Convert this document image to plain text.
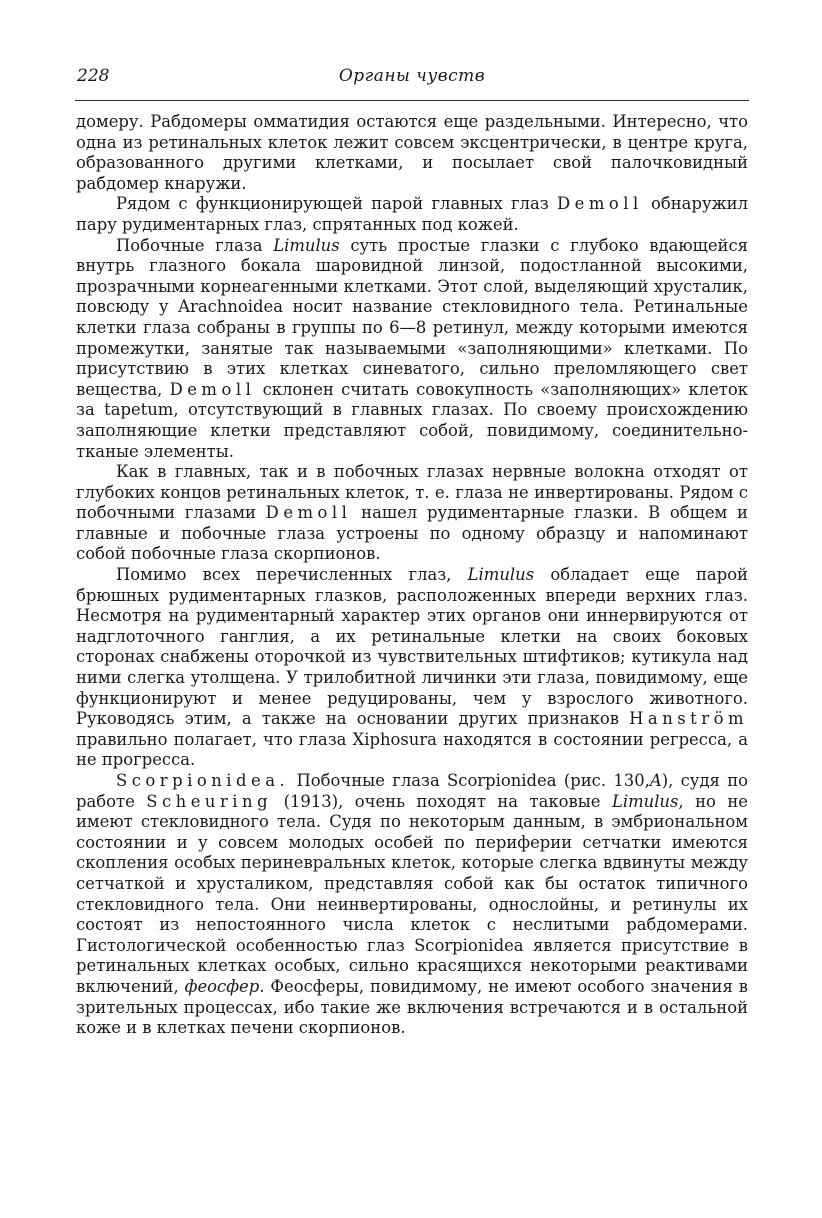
228	Органы чувств

домеру. Рабдомеры омматидия остаются еще раздельными. Интересно, что одна из ретинальных клеток лежит совсем эксцентрически, в центре круга, образованного другими клетками, и посылает свой палочковидный рабдомер кнаружи.

Рядом с функционирующей парой главных глаз Demoll обнаружил пару рудиментарных глаз, спрятанных под кожей.

Побочные глаза Limulus суть простые глазки с глубоко вдающейся внутрь глазного бокала шаровидной линзой, подостланной высокими, прозрачными корнеагенными клетками. Этот слой, выделяющий хрусталик, повсюду у Arachnoidea носит название стекловидного тела. Ретинальные клетки глаза собраны в группы по 6—8 ретинул, между которыми имеются промежутки, занятые так называемыми «заполняющими» клетками. По присутствию в этих клетках синеватого, сильно преломляющего свет вещества, Demoll склонен считать совокупность «заполняющих» клеток за tapetum, отсутствующий в главных глазах. По своему происхождению заполняющие клетки представляют собой, повидимому, соединительно-тканые элементы.

Как в главных, так и в побочных глазах нервные волокна отходят от глубоких концов ретинальных клеток, т. е. глаза не инвертированы. Рядом с побочными глазами Demoll нашел рудиментарные глазки. В общем и главные и побочные глаза устроены по одному образцу и напоминают собой побочные глаза скорпионов.

Помимо всех перечисленных глаз, Limulus обладает еще парой брюшных рудиментарных глазков, расположенных впереди верхних глаз. Несмотря на рудиментарный характер этих органов они иннервируются от надглоточного ганглия, а их ретинальные клетки на своих боковых сторонах снабжены оторочкой из чувствительных штифтиков; кутикула над ними слегка утолщена. У трилобитной личинки эти глаза, повидимому, еще функционируют и менее редуцированы, чем у взрослого животного. Руководясь этим, а также на основании других признаков Hanström правильно полагает, что глаза Xiphosura находятся в состоянии регресса, а не прогресса.

Scorpionidea. Побочные глаза Scorpionidea (рис. 130,A), судя по работе Scheuring (1913), очень походят на таковые Limulus, но не имеют стекловидного тела. Судя по некоторым данным, в эмбриональном состоянии и у совсем молодых особей по периферии сетчатки имеются скопления особых периневральных клеток, которые слегка вдвинуты между сетчаткой и хрусталиком, представляя собой как бы остаток типичного стекловидного тела. Они неинвертированы, однослойны, и ретинулы их состоят из непостоянного числа клеток с неслитыми рабдомерами. Гистологической особенностью глаз Scorpionidea является присутствие в ретинальных клетках особых, сильно красящихся некоторыми реактивами включений, феосфер. Феосферы, повидимому, не имеют особого значения в зрительных процессах, ибо такие же включения встречаются и в остальной коже и в клетках печени скорпионов.
